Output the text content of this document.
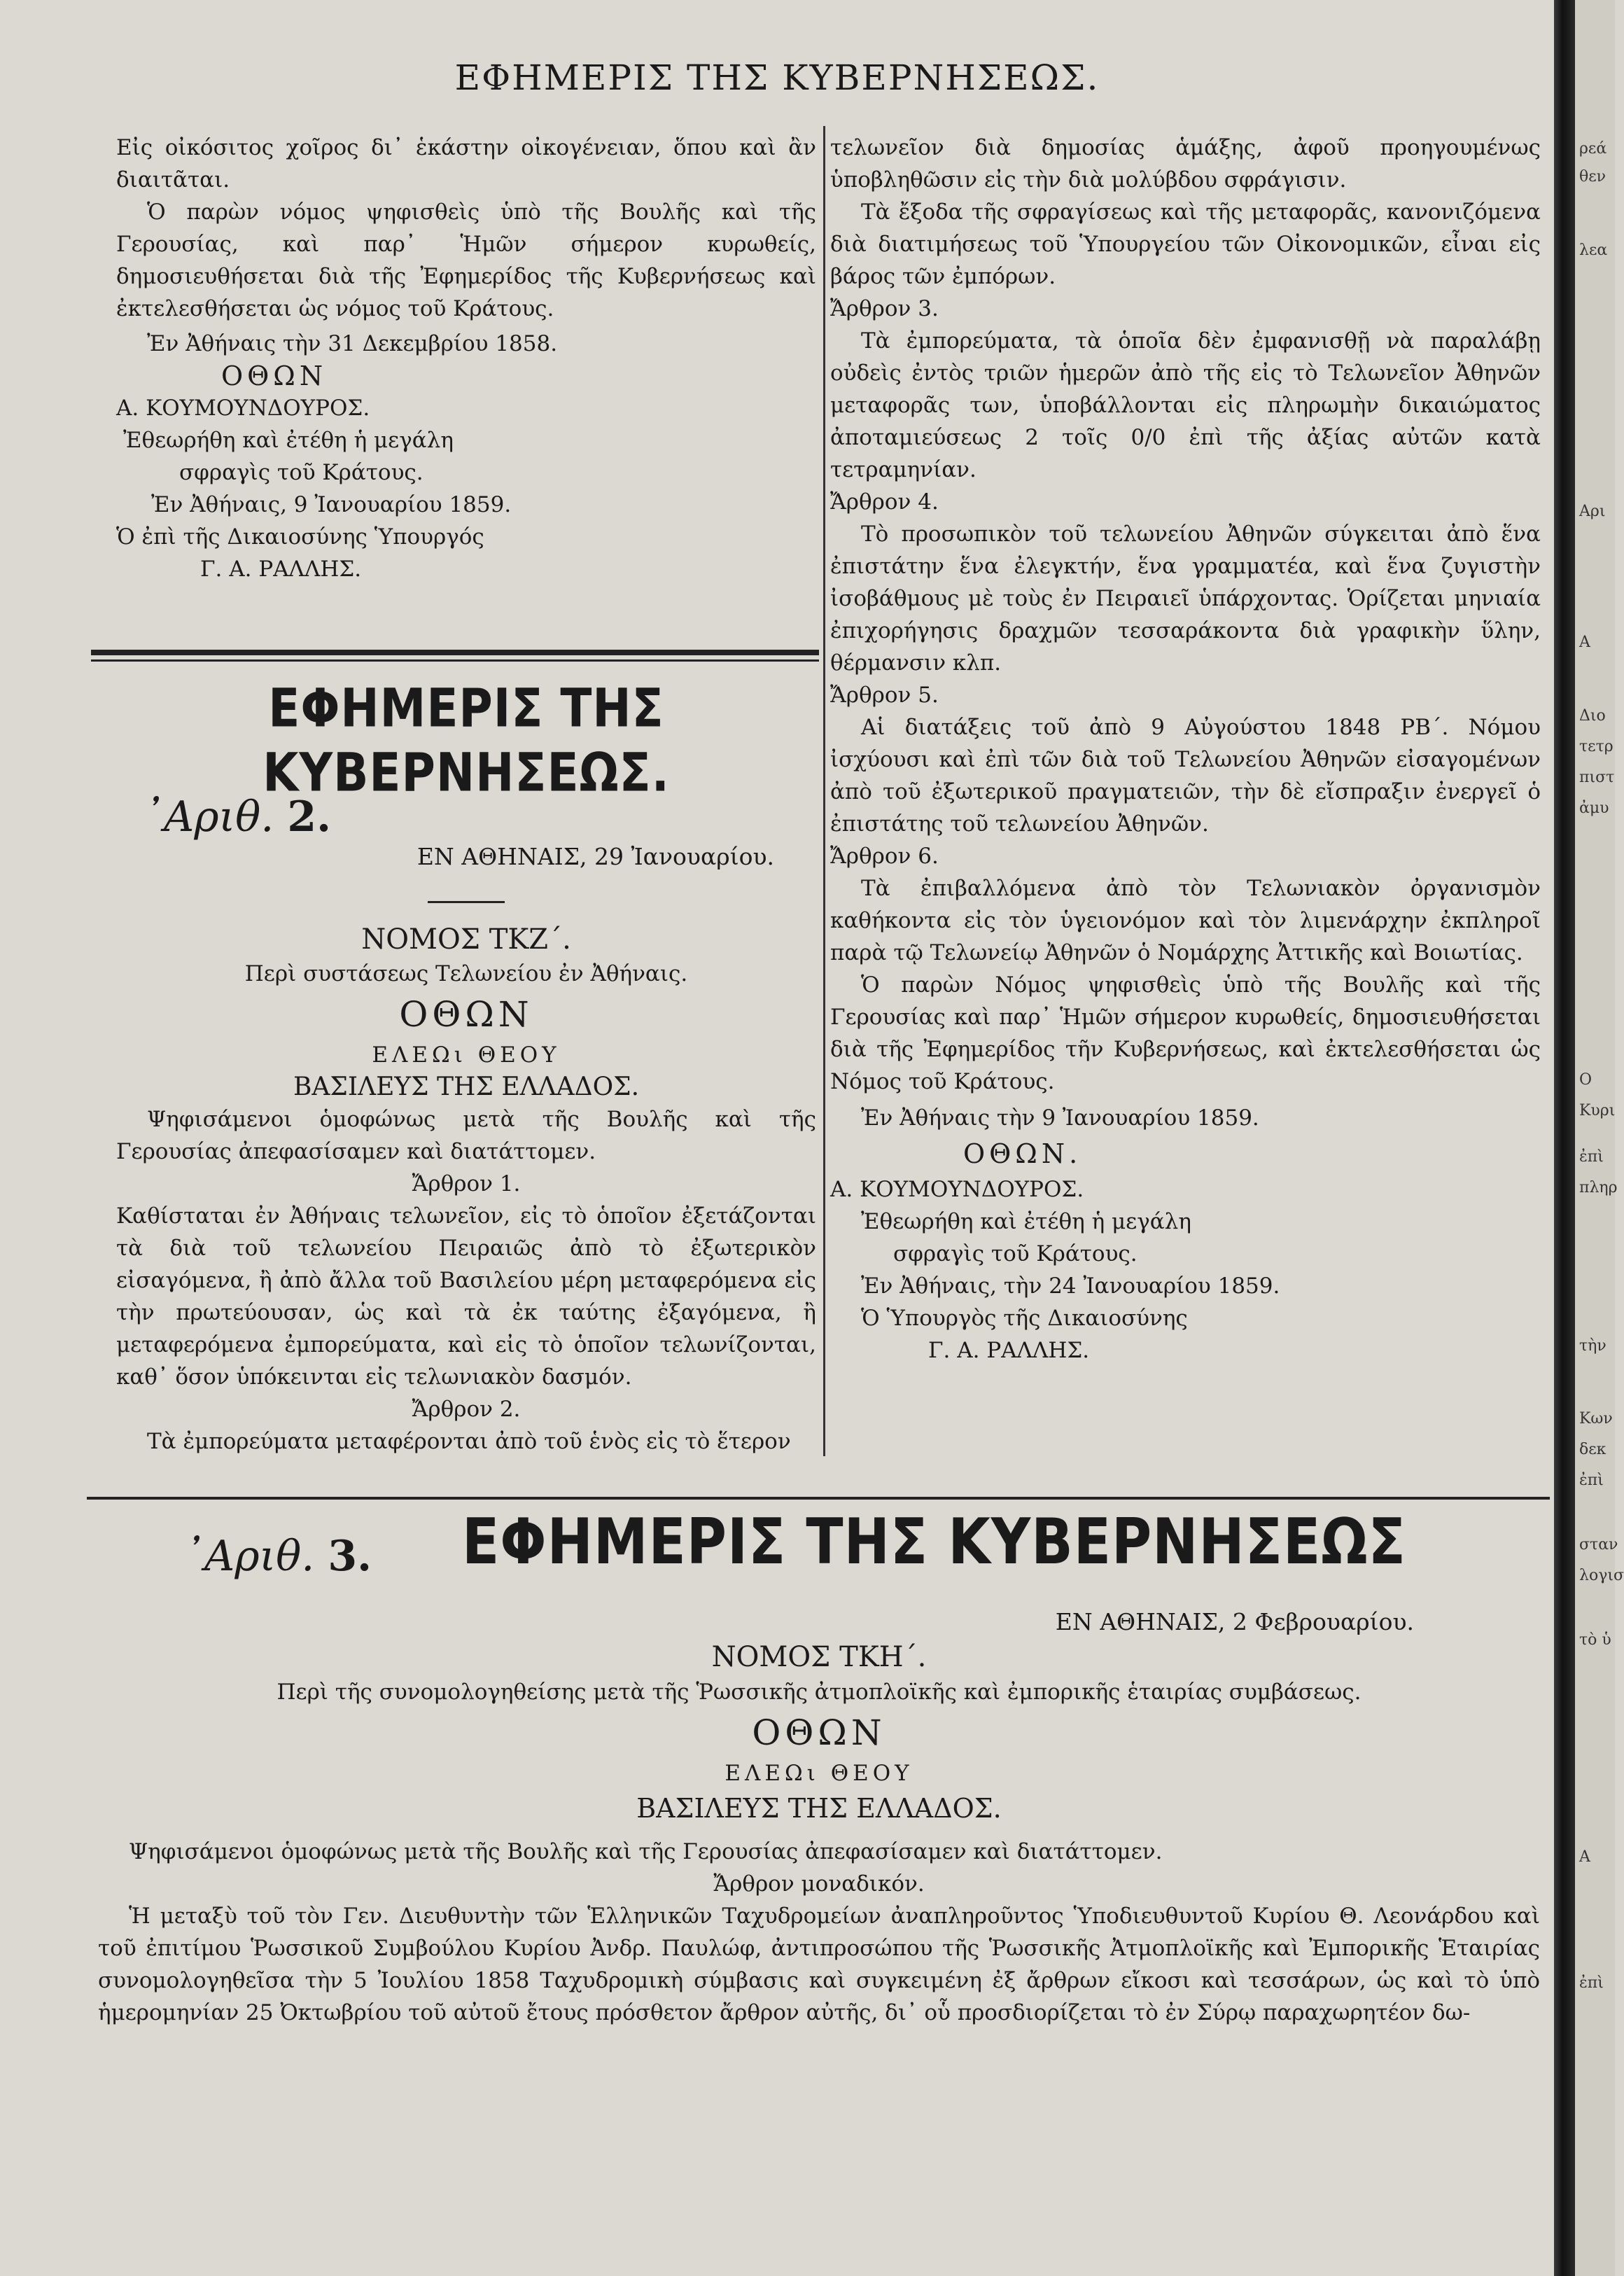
ΕΦΗΜΕΡΙΣ ΤΗΣ ΚΥΒΕΡΝΗΣΕΩΣ.

Εἰς οἰκόσιτος χοῖρος δι᾽ ἑκάστην οἰκογένειαν, ὅπου καὶ ἂν διαιτᾶται.

Ὁ παρὼν νόμος ψηφισθεὶς ὑπὸ τῆς Βουλῆς καὶ τῆς Γερουσίας, καὶ παρ᾽ Ἡμῶν σήμερον κυρωθείς, δημοσιευθήσεται διὰ τῆς Ἐφημερίδος τῆς Κυβερνήσεως καὶ ἐκτελεσθήσεται ὡς νόμος τοῦ Κράτους.

Ἐν Ἀθήναις τὴν 31 Δεκεμβρίου 1858.

ΟΘΩΝ

Α. ΚΟΥΜΟΥΝΔΟΥΡΟΣ.

Ἐθεωρήθη καὶ ἐτέθη ἡ μεγάλη

σφραγὶς τοῦ Κράτους.

Ἐν Ἀθήναις, 9 Ἰανουαρίου 1859.

Ὁ ἐπὶ τῆς Δικαιοσύνης Ὑπουργός

Γ. Α. ΡΑΛΛΗΣ.

ΕΦΗΜΕΡΙΣ ΤΗΣ ΚΥΒΕΡΝΗΣΕΩΣ.
᾽Αριθ. 2.

ΕΝ ΑΘΗΝΑΙΣ, 29 Ἰανουαρίου.

ΝΟΜΟΣ ΤΚΖ΄.

Περὶ συστάσεως Τελωνείου ἐν Ἀθήναις.

ΟΘΩΝ

ΕΛΕΩι ΘΕΟΥ

ΒΑΣΙΛΕΥΣ ΤΗΣ ΕΛΛΑΔΟΣ.

Ψηφισάμενοι ὁμοφώνως μετὰ τῆς Βουλῆς καὶ τῆς Γερουσίας ἀπεφασίσαμεν καὶ διατάττομεν.

Ἄρθρον 1.

Καθίσταται ἐν Ἀθήναις τελωνεῖον, εἰς τὸ ὁποῖον ἐξετάζονται τὰ διὰ τοῦ τελωνείου Πειραιῶς ἀπὸ τὸ ἐξωτερικὸν εἰσαγόμενα, ἢ ἀπὸ ἄλλα τοῦ Βασιλείου μέρη μεταφερόμενα εἰς τὴν πρωτεύουσαν, ὡς καὶ τὰ ἐκ ταύτης ἐξαγόμενα, ἢ μεταφερόμενα ἐμπορεύματα, καὶ εἰς τὸ ὁποῖον τελωνίζονται, καθ᾽ ὅσον ὑπόκεινται εἰς τελωνιακὸν δασμόν.

Ἄρθρον 2.

Τὰ ἐμπορεύματα μεταφέρονται ἀπὸ τοῦ ἑνὸς εἰς τὸ ἕτερον

τελωνεῖον διὰ δημοσίας ἁμάξης, ἀφοῦ προηγουμένως ὑποβληθῶσιν εἰς τὴν διὰ μολύβδου σφράγισιν.

Τὰ ἔξοδα τῆς σφραγίσεως καὶ τῆς μεταφορᾶς, κανονιζόμενα διὰ διατιμήσεως τοῦ Ὑπουργείου τῶν Οἰκονομικῶν, εἶναι εἰς βάρος τῶν ἐμπόρων.

Ἄρθρον 3.

Τὰ ἐμπορεύματα, τὰ ὁποῖα δὲν ἐμφανισθῇ νὰ παραλάβῃ οὐδεὶς ἐντὸς τριῶν ἡμερῶν ἀπὸ τῆς εἰς τὸ Τελωνεῖον Ἀθηνῶν μεταφορᾶς των, ὑποβάλλονται εἰς πληρωμὴν δικαιώματος ἀποταμιεύσεως 2 τοῖς 0/0 ἐπὶ τῆς ἀξίας αὐτῶν κατὰ τετραμηνίαν.

Ἄρθρον 4.

Τὸ προσωπικὸν τοῦ τελωνείου Ἀθηνῶν σύγκειται ἀπὸ ἕνα ἐπιστάτην ἕνα ἐλεγκτήν, ἕνα γραμματέα, καὶ ἕνα ζυγιστὴν ἰσοβάθμους μὲ τοὺς ἐν Πειραιεῖ ὑπάρχοντας. Ὁρίζεται μηνιαία ἐπιχορήγησις δραχμῶν τεσσαράκοντα διὰ γραφικὴν ὕλην, θέρμανσιν κλπ.

Ἄρθρον 5.

Αἱ διατάξεις τοῦ ἀπὸ 9 Αὐγούστου 1848 ΡΒ΄. Νόμου ἰσχύουσι καὶ ἐπὶ τῶν διὰ τοῦ Τελωνείου Ἀθηνῶν εἰσαγομένων ἀπὸ τοῦ ἐξωτερικοῦ πραγματειῶν, τὴν δὲ εἴσπραξιν ἐνεργεῖ ὁ ἐπιστάτης τοῦ τελωνείου Ἀθηνῶν.

Ἄρθρον 6.

Τὰ ἐπιβαλλόμενα ἀπὸ τὸν Τελωνιακὸν ὀργανισμὸν καθήκοντα εἰς τὸν ὑγειονόμον καὶ τὸν λιμενάρχην ἐκπληροῖ παρὰ τῷ Τελωνείῳ Ἀθηνῶν ὁ Νομάρχης Ἀττικῆς καὶ Βοιωτίας.

Ὁ παρὼν Νόμος ψηφισθεὶς ὑπὸ τῆς Βουλῆς καὶ τῆς Γερουσίας καὶ παρ᾽ Ἡμῶν σήμερον κυρωθείς, δημοσιευθήσεται διὰ τῆς Ἐφημερίδος τῆν Κυβερνήσεως, καὶ ἐκτελεσθήσεται ὡς Νόμος τοῦ Κράτους.

Ἐν Ἀθήναις τὴν 9 Ἰανουαρίου 1859.

ΟΘΩΝ.

Α. ΚΟΥΜΟΥΝΔΟΥΡΟΣ.

Ἐθεωρήθη καὶ ἐτέθη ἡ μεγάλη

σφραγὶς τοῦ Κράτους.

Ἐν Ἀθήναις, τὴν 24 Ἰανουαρίου 1859.

Ὁ Ὑπουργὸς τῆς Δικαιοσύνης

Γ. Α. ΡΑΛΛΗΣ.

᾽Αριθ. 3. ΕΦΗΜΕΡΙΣ ΤΗΣ ΚΥΒΕΡΝΗΣΕΩΣ

ΕΝ ΑΘΗΝΑΙΣ, 2 Φεβρουαρίου.

ΝΟΜΟΣ ΤΚΗ΄.

Περὶ τῆς συνομολογηθείσης μετὰ τῆς Ῥωσσικῆς ἀτμοπλοϊκῆς καὶ ἐμπορικῆς ἑταιρίας συμβάσεως.

ΟΘΩΝ

ΕΛΕΩι ΘΕΟΥ

ΒΑΣΙΛΕΥΣ ΤΗΣ ΕΛΛΑΔΟΣ.

Ψηφισάμενοι ὁμοφώνως μετὰ τῆς Βουλῆς καὶ τῆς Γερουσίας ἀπεφασίσαμεν καὶ διατάττομεν.

Ἄρθρον μοναδικόν.

Ἡ μεταξὺ τοῦ τὸν Γεν. Διευθυντὴν τῶν Ἑλληνικῶν Ταχυδρομείων ἀναπληροῦντος Ὑποδιευθυντοῦ Κυρίου Θ. Λεονάρδου καὶ τοῦ ἐπιτίμου Ῥωσσικοῦ Συμβούλου Κυρίου Ἀνδρ. Παυλώφ, ἀντιπροσώπου τῆς Ῥωσσικῆς Ἀτμοπλοϊκῆς καὶ Ἐμπορικῆς Ἑταιρίας συνομολογηθεῖσα τὴν 5 Ἰουλίου 1858 Ταχυδρομικὴ σύμβασις καὶ συγκειμένη ἐξ ἄρθρων εἴκοσι καὶ τεσσάρων, ὡς καὶ τὸ ὑπὸ ἡμερομηνίαν 25 Ὀκτωβρίου τοῦ αὐτοῦ ἔτους πρόσθετον ἄρθρον αὐτῆς, δι᾽ οὗ προσδιορίζεται τὸ ἐν Σύρῳ παραχωρητέον δω-

ρεά
θεν
λεα
Αρι
Α
Διο
τετρ
πιστ
ἀμυ
Ο
Κυρι
ἐπὶ
πληρ
τὴν
Κων
δεκ
ἐπὶ
σταν
λογισ
τὸ ὑ
Α
ἐπὶ
